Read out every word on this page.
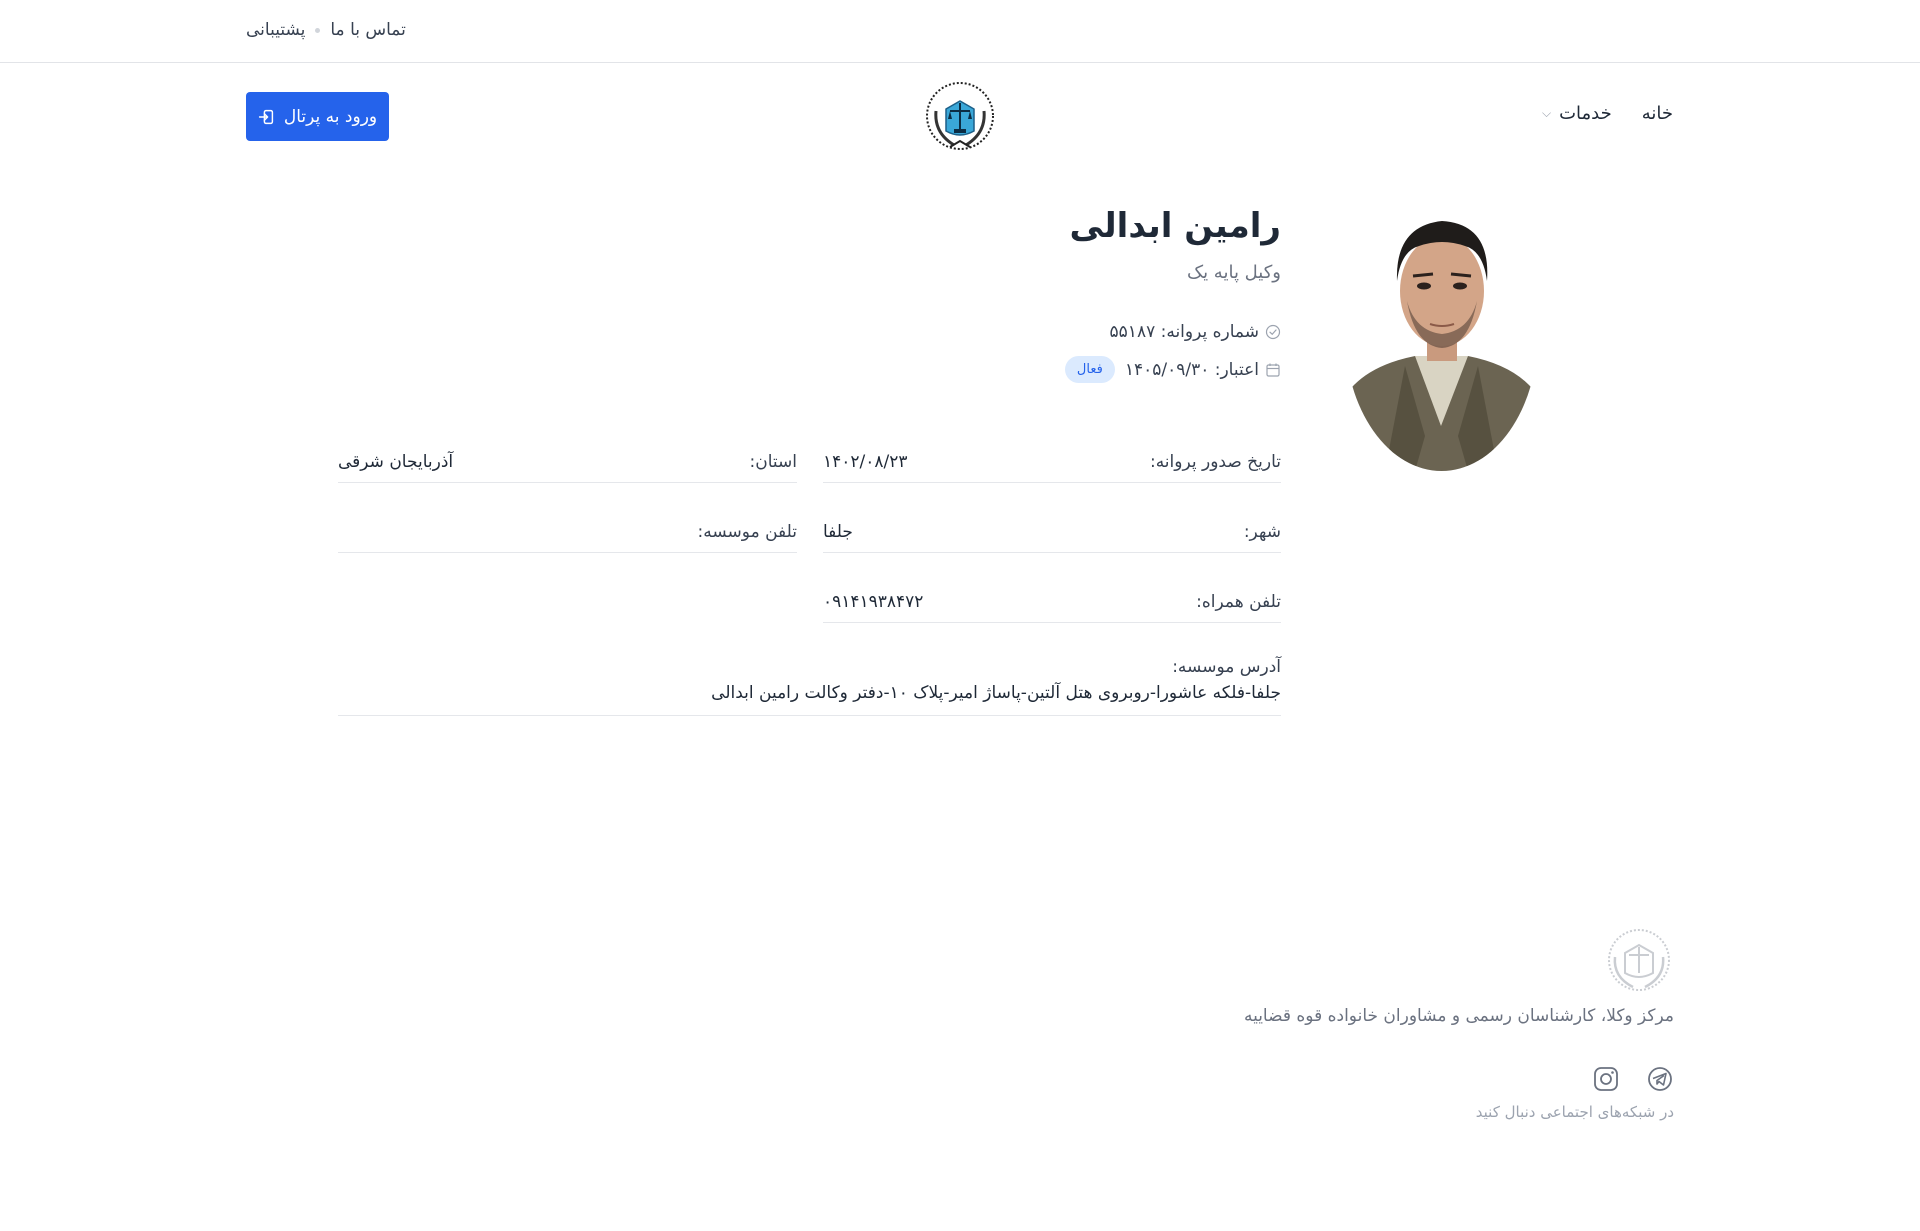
تماس با ما
پشتیبانی
خانه
خدمات
⌵
ورود به پرتال
رامین ابدالی
وکیل پایه یک
شماره پروانه: ۵۵۱۸۷
اعتبار: ۱۴۰۵/۰۹/۳۰
فعال
تاریخ صدور پروانه:
۱۴۰۲/۰۸/۲۳
استان:
آذربایجان شرقی
شهر:
جلفا
تلفن موسسه:
تلفن همراه:
۰۹۱۴۱۹۳۸۴۷۲
آدرس موسسه:
جلفا-فلکه عاشورا-روبروی هتل آلتین-پاساژ امیر-پلاک ۱۰-دفتر وکالت رامین ابدالی
مرکز وکلا، کارشناسان رسمی و مشاوران خانواده قوه قضاییه
در شبکه‌های اجتماعی دنبال کنید
